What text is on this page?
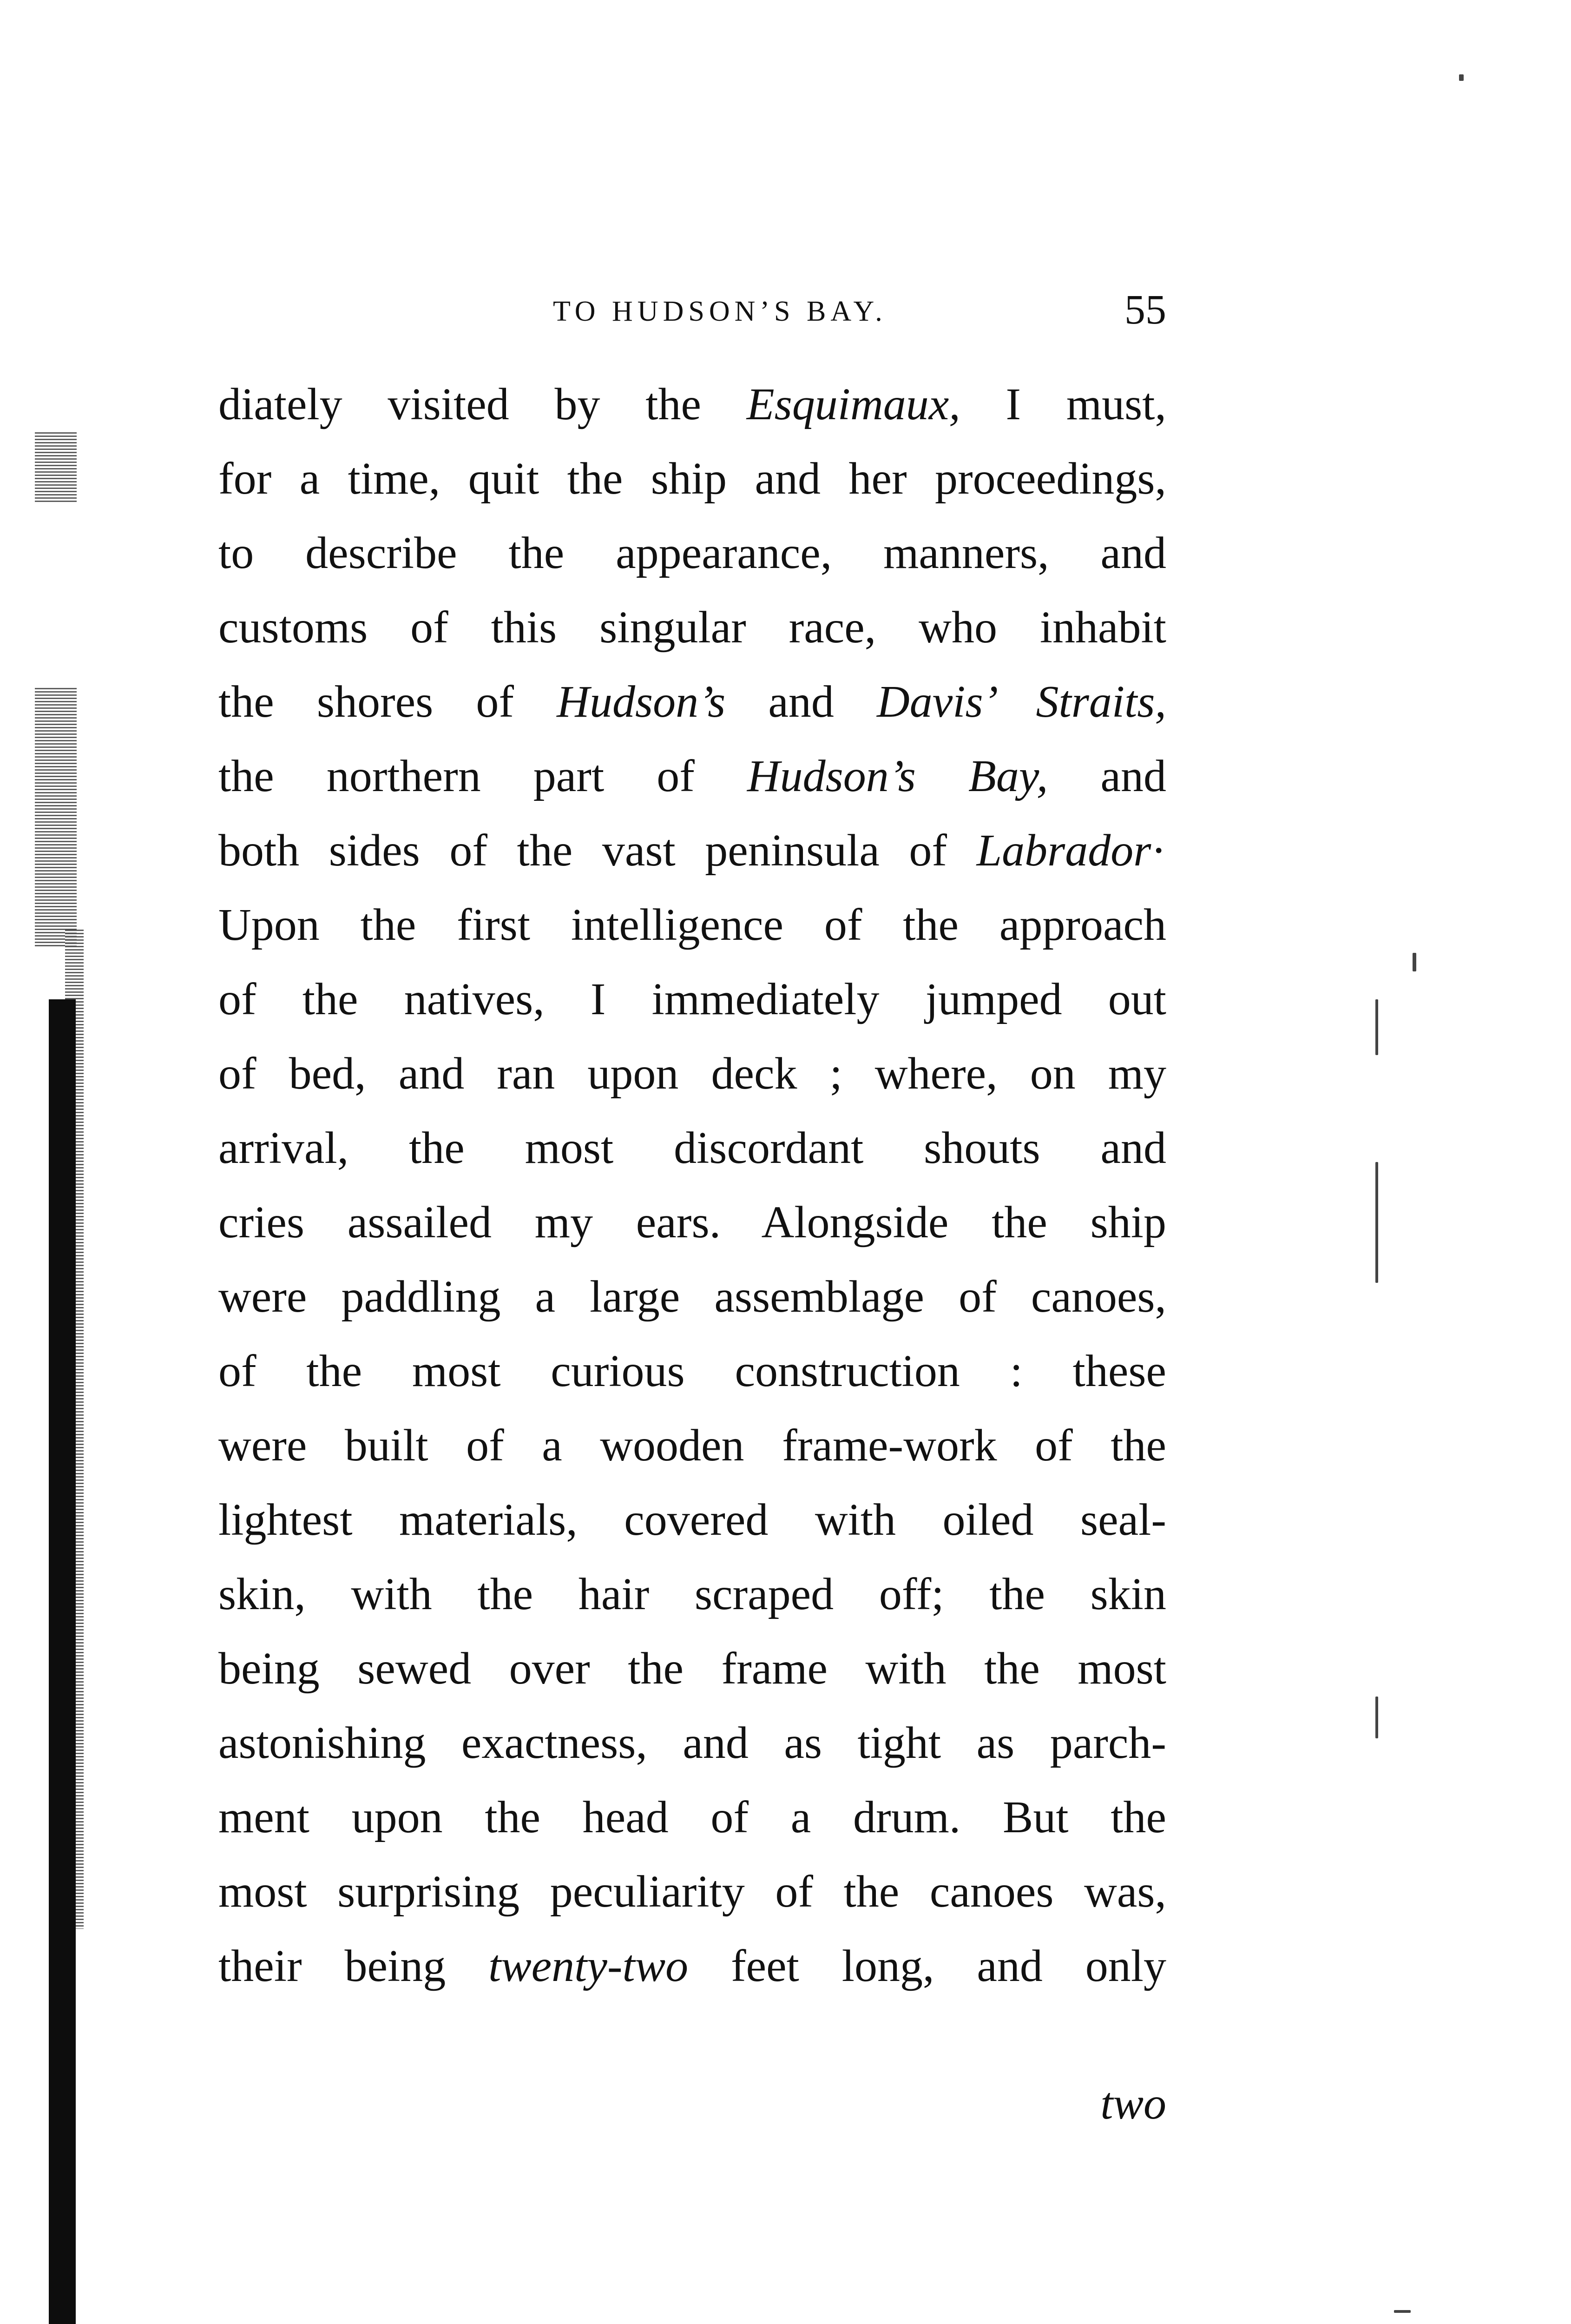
TO HUDSON’S BAY.	55
diately visited by the Esquimaux, I must,
for a time, quit the ship and her proceedings,
to describe the appearance, manners, and
customs of this singular race, who inhabit
the shores of Hudson’s and Davis’ Straits,
the northern part of Hudson’s Bay, and
both sides of the vast peninsula of Labrador·
Upon the first intelligence of the approach
of the natives, I immediately jumped out
of bed, and ran upon deck ; where, on my
arrival, the most discordant shouts and
cries assailed my ears. Alongside the ship
were paddling a large assemblage of canoes,
of the most curious construction : these
were built of a wooden frame-work of the
lightest materials, covered with oiled seal-
skin, with the hair scraped off; the skin
being sewed over the frame with the most
astonishing exactness, and as tight as parch-
ment upon the head of a drum. But the
most surprising peculiarity of the canoes was,
their being twenty-two feet long, and only
two
